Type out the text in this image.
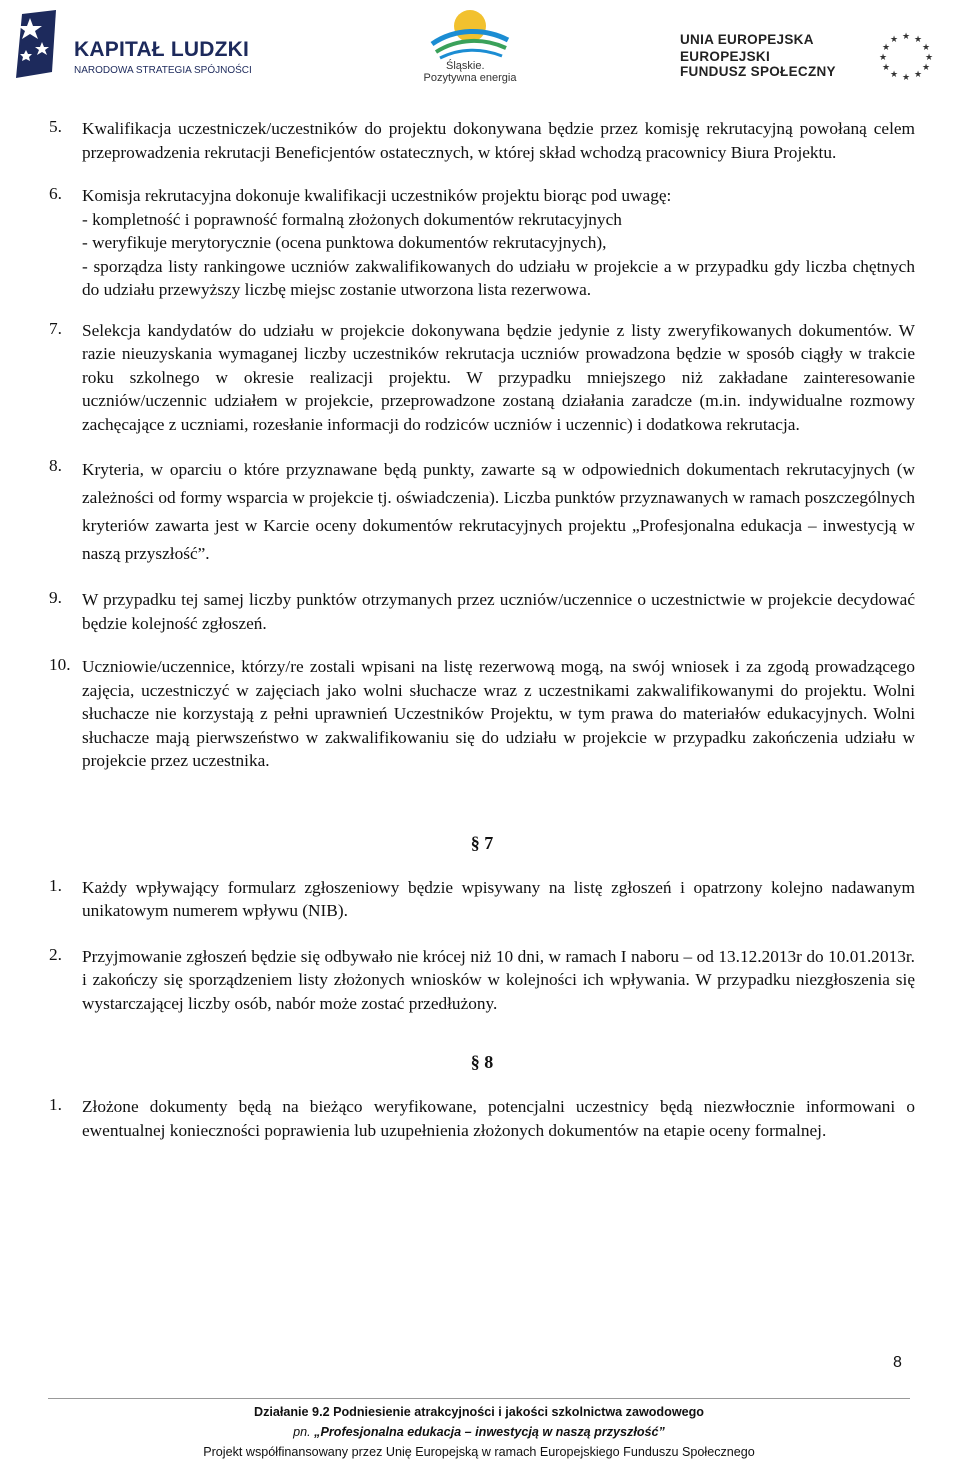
KAPITAŁ LUDZKI
NARODOWA STRATEGIA SPÓJNOŚCI	Śląskie.
Pozytywna energia
UNIA EUROPEJSKA
EUROPEJSKI
FUNDUSZ SPOŁECZNY
★ ★
★
★
★
★
★
★
★
★
★
★
5.	Kwalifikacja uczestniczek/uczestników do projektu dokonywana będzie przez komisję rekrutacyjną powołaną celem przeprowadzenia rekrutacji Beneficjentów ostatecznych, w której skład wchodzą pracownicy Biura Projektu.
6.	Komisja rekrutacyjna dokonuje kwalifikacji uczestników projektu biorąc pod uwagę:
- kompletność i poprawność formalną złożonych dokumentów rekrutacyjnych
- weryfikuje merytorycznie (ocena punktowa dokumentów rekrutacyjnych),
- sporządza listy rankingowe uczniów zakwalifikowanych do udziału w projekcie a w przypadku gdy liczba chętnych do udziału przewyższy liczbę miejsc zostanie utworzona lista rezerwowa.
7.	Selekcja kandydatów do udziału w projekcie dokonywana będzie jedynie z listy zweryfikowanych dokumentów. W razie nieuzyskania wymaganej liczby uczestników rekrutacja uczniów prowadzona będzie w sposób ciągły w trakcie roku szkolnego w okresie realizacji projektu. W przypadku mniejszego niż zakładane zainteresowanie uczniów/uczennic udziałem w projekcie, przeprowadzone zostaną działania zaradcze (m.in. indywidualne rozmowy zachęcające z uczniami, rozesłanie informacji do rodziców uczniów i uczennic) i dodatkowa rekrutacja.
8.	Kryteria, w oparciu o które przyznawane będą punkty, zawarte są w odpowiednich dokumentach rekrutacyjnych (w zależności od formy wsparcia w projekcie tj. oświadczenia). Liczba punktów przyznawanych w ramach poszczególnych kryteriów zawarta jest w Karcie oceny dokumentów rekrutacyjnych projektu „Profesjonalna edukacja – inwestycją w naszą przyszłość”.
9.	W przypadku tej samej liczby punktów otrzymanych przez uczniów/uczennice o uczestnictwie w projekcie decydować będzie kolejność zgłoszeń.
10. Uczniowie/uczennice, którzy/re zostali wpisani na listę rezerwową mogą, na swój wniosek i za zgodą prowadzącego zajęcia, uczestniczyć w zajęciach jako wolni słuchacze wraz z uczestnikami zakwalifikowanymi do projektu. Wolni słuchacze nie korzystają z pełni uprawnień Uczestników Projektu, w tym prawa do materiałów edukacyjnych. Wolni słuchacze mają pierwszeństwo w zakwalifikowaniu się do udziału w projekcie w przypadku zakończenia udziału w projekcie przez uczestnika.
§ 7
1.	Każdy wpływający formularz zgłoszeniowy będzie wpisywany na listę zgłoszeń i opatrzony kolejno nadawanym unikatowym numerem wpływu (NIB).
2.	Przyjmowanie zgłoszeń będzie się odbywało nie krócej niż 10 dni, w ramach I naboru – od 13.12.2013r do 10.01.2013r. i zakończy się sporządzeniem listy złożonych wniosków w kolejności ich wpływania. W przypadku niezgłoszenia się wystarczającej liczby osób, nabór może zostać przedłużony.
§ 8
1.	Złożone dokumenty będą na bieżąco weryfikowane, potencjalni uczestnicy będą niezwłocznie informowani o ewentualnej konieczności poprawienia lub uzupełnienia złożonych dokumentów na etapie oceny formalnej.
8
Działanie 9.2 Podniesienie atrakcyjności i jakości szkolnictwa zawodowego
pn. „Profesjonalna edukacja – inwestycją w naszą przyszłość”
Projekt współfinansowany przez Unię Europejską w ramach Europejskiego Funduszu Społecznego
